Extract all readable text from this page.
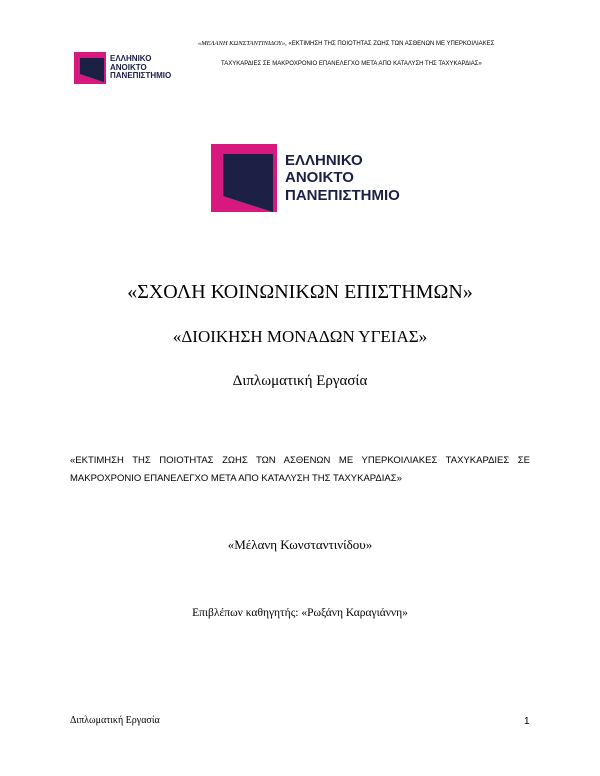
«ΜΕΛΑΝΗ ΚΩΝΣΤΑΝΤΙΝΙΔΟΥ», «ΕΚΤΙΜΗΣΗ ΤΗΣ ΠΟΙΟΤΗΤΑΣ ΖΩΗΣ ΤΩΝ ΑΣΘΕΝΩΝ ΜΕ ΥΠΕΡΚΟΙΛΙΑΚΕΣ
ΤΑΧΥΚΑΡΔΙΕΣ ΣΕ ΜΑΚΡΟΧΡΟΝΙΟ ΕΠΑΝΕΛΕΓΧΟ ΜΕΤΑ ΑΠΟ ΚΑΤΑΛΥΣΗ ΤΗΣ ΤΑΧΥΚΑΡΔΙΑΣ»
ΕΛΛΗΝΙΚΟ
ΑΝΟΙΚΤΟ
ΠΑΝΕΠΙΣΤΗΜΙΟ
ΕΛΛΗΝΙΚΟ
ΑΝΟΙΚΤΟ
ΠΑΝΕΠΙΣΤΗΜΙΟ
«ΣΧΟΛΗ ΚΟΙΝΩΝΙΚΩΝ ΕΠΙΣΤΗΜΩΝ»
«ΔΙΟΙΚΗΣΗ ΜΟΝΑΔΩΝ ΥΓΕΙΑΣ»
Διπλωματική Εργασία
«ΕΚΤΙΜΗΣΗ ΤΗΣ ΠΟΙΟΤΗΤΑΣ ΖΩΗΣ ΤΩΝ ΑΣΘΕΝΩΝ ΜΕ ΥΠΕΡΚΟΙΛΙΑΚΕΣ ΤΑΧΥΚΑΡΔΙΕΣ ΣΕ ΜΑΚΡΟΧΡΟΝΙΟ ΕΠΑΝΕΛΕΓΧΟ ΜΕΤΑ ΑΠΟ ΚΑΤΑΛΥΣΗ ΤΗΣ ΤΑΧΥΚΑΡΔΙΑΣ»
«Μέλανη Κωνσταντινίδου»
Επιβλέπων καθηγητής: «Ρωξάνη Καραγιάννη»
Διπλωματική Εργασία	1
